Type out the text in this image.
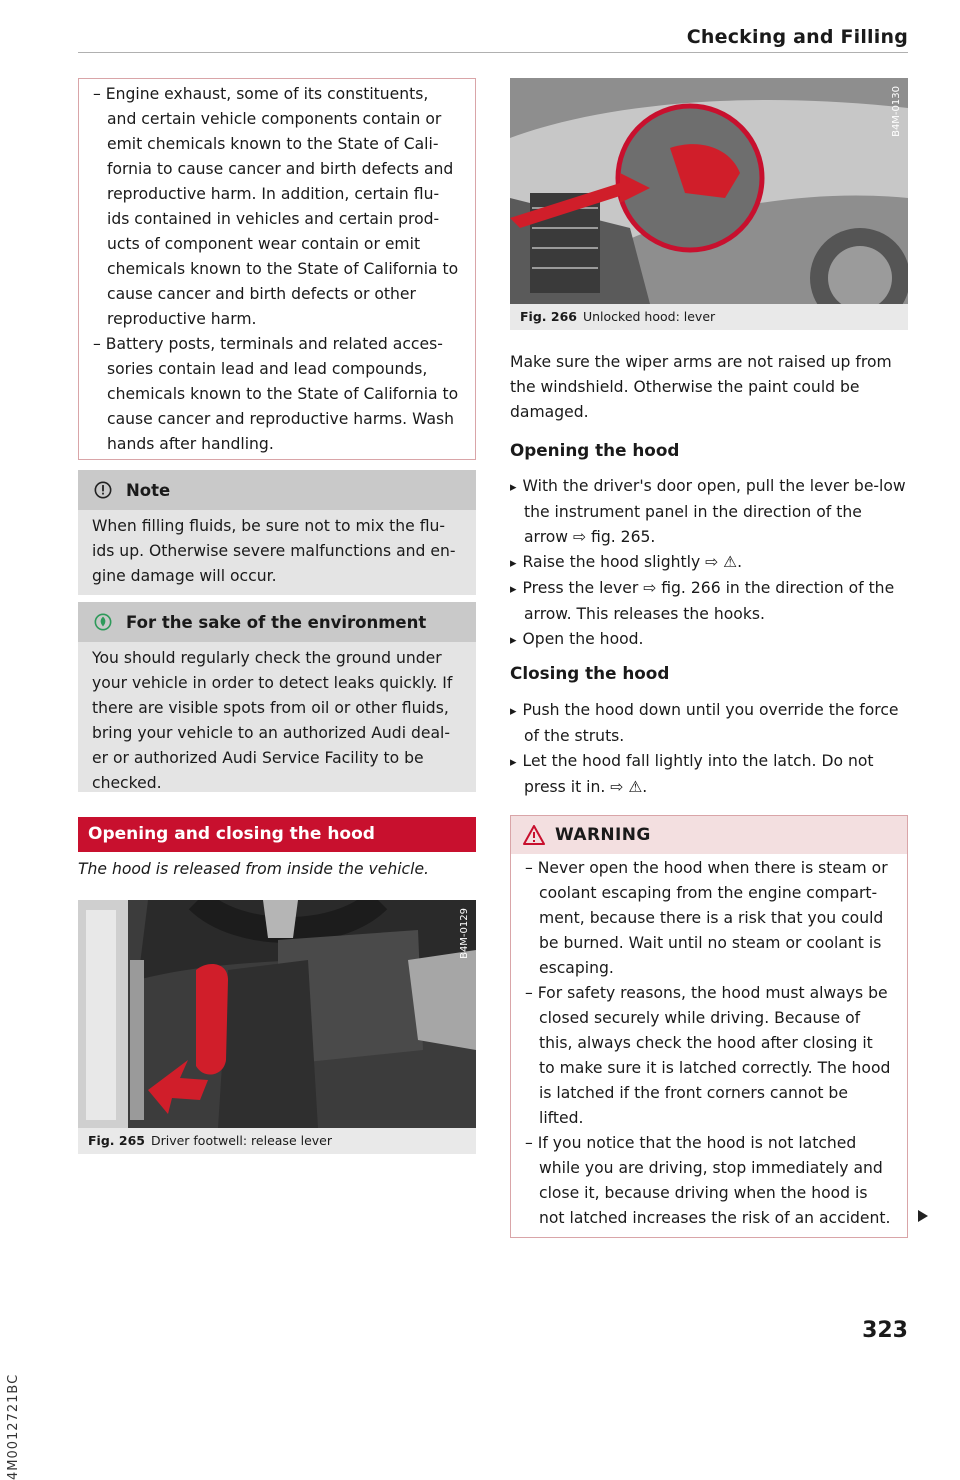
Checking and Filling
4M0012721BC
– Engine exhaust, some of its constituents, and certain vehicle components contain or emit chemicals known to the State of Cali-fornia to cause cancer and birth defects and reproductive harm. In addition, certain flu-ids contained in vehicles and certain prod-ucts of component wear contain or emit chemicals known to the State of California to cause cancer and birth defects or other reproductive harm.
– Battery posts, terminals and related acces-sories contain lead and lead compounds, chemicals known to the State of California to cause cancer and reproductive harms. Wash hands after handling.
Note
When filling fluids, be sure not to mix the flu-ids up. Otherwise severe malfunctions and en-gine damage will occur.
For the sake of the environment
You should regularly check the ground under your vehicle in order to detect leaks quickly. If there are visible spots from oil or other fluids, bring your vehicle to an authorized Audi deal-er or authorized Audi Service Facility to be checked.
Opening and closing the hood
The hood is released from inside the vehicle.
B4M-0129
Fig. 265 Driver footwell: release lever
B4M-0130
Fig. 266 Unlocked hood: lever
Make sure the wiper arms are not raised up from the windshield. Otherwise the paint could be damaged.
Opening the hood
▸ With the driver's door open, pull the lever be-low the instrument panel in the direction of the arrow ⇨ fig. 265.
▸ Raise the hood slightly ⇨ ⚠.
▸ Press the lever ⇨ fig. 266 in the direction of the arrow. This releases the hooks.
▸ Open the hood.
Closing the hood
▸ Push the hood down until you override the force of the struts.
▸ Let the hood fall lightly into the latch. Do not press it in. ⇨ ⚠.
WARNING
– Never open the hood when there is steam or coolant escaping from the engine compart-ment, because there is a risk that you could be burned. Wait until no steam or coolant is escaping.
– For safety reasons, the hood must always be closed securely while driving. Because of this, always check the hood after closing it to make sure it is latched correctly. The hood is latched if the front corners cannot be lifted.
– If you notice that the hood is not latched while you are driving, stop immediately and close it, because driving when the hood is not latched increases the risk of an accident.
323
